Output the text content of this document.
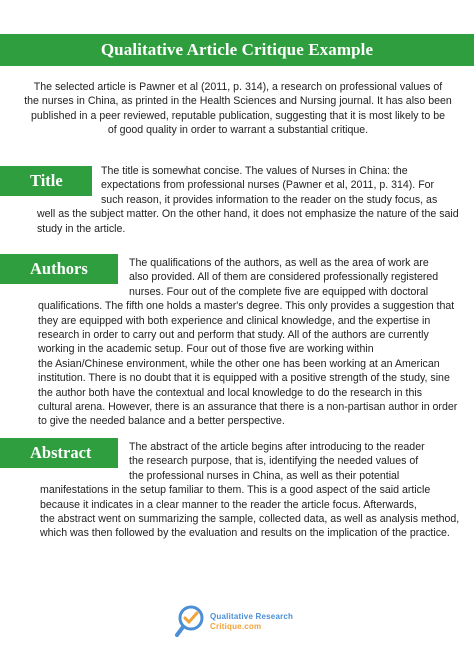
Qualitative Article Critique Example
The selected article is Pawner et al (2011, p. 314), a research on professional values of
the nurses in China, as printed in the Health Sciences and Nursing journal. It has also been
published in a peer reviewed, reputable publication, suggesting that it is most likely to be
of good quality in order to warrant a substantial critique.
Title	The title is somewhat concise. The values of Nurses in China: the
expectations from professional nurses (Pawner et al, 2011, p. 314). For
such reason, it provides information to the reader on the study focus, as
well as the subject matter. On the other hand, it does not emphasize the nature of the said
study in the article.
Authors	The qualifications of the authors, as well as the area of work are
also provided. All of them are considered professionally registered
nurses. Four out of the complete five are equipped with doctoral
qualifications. The fifth one holds a master's degree. This only provides a suggestion that
they are equipped with both experience and clinical knowledge, and the expertise in
research in order to carry out and perform that study. All of the authors are currently
working in the academic setup. Four out of those five are working within
the Asian/Chinese environment, while the other one has been working at an American
institution. There is no doubt that it is equipped with a positive strength of the study, sine
the author both have the contextual and local knowledge to do the research in this
cultural arena. However, there is an assurance that there is a non-partisan author in order
to give the needed balance and a better perspective.
Abstract	The abstract of the article begins after introducing to the reader
the research purpose, that is, identifying the needed values of
the professional nurses in China, as well as their potential
manifestations in the setup familiar to them. This is a good aspect of the said article
because it indicates in a clear manner to the reader the article focus. Afterwards,
the abstract went on summarizing the sample, collected data, as well as analysis method,
which was then followed by the evaluation and results on the implication of the practice.
Qualitative Research
Critique.com
